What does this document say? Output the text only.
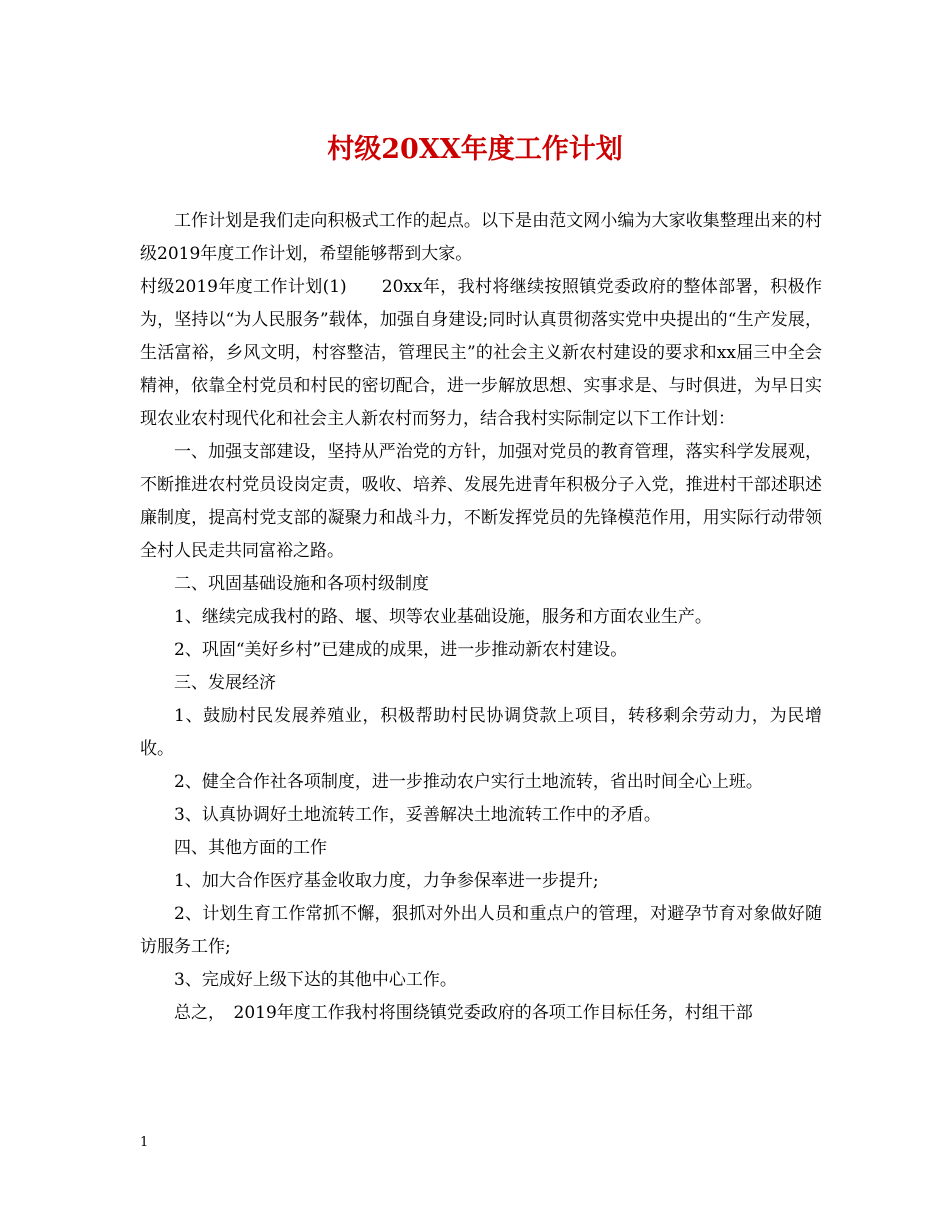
村级20XX年度工作计划

工作计划是我们走向积极式工作的起点。以下是由范文网小编为大家收集整理出来的村级2019年度工作计划，希望能够帮到大家。

村级2019年度工作计划(1)　　20xx年，我村将继续按照镇党委政府的整体部署，积极作为，坚持以“为人民服务”载体，加强自身建设;同时认真贯彻落实党中央提出的“生产发展，生活富裕，乡风文明，村容整洁，管理民主”的社会主义新农村建设的要求和xx届三中全会精神，依靠全村党员和村民的密切配合，进一步解放思想、实事求是、与时俱进，为早日实现农业农村现代化和社会主人新农村而努力，结合我村实际制定以下工作计划：

一、加强支部建设，坚持从严治党的方针，加强对党员的教育管理，落实科学发展观，不断推进农村党员设岗定责，吸收、培养、发展先进青年积极分子入党，推进村干部述职述廉制度，提高村党支部的凝聚力和战斗力，不断发挥党员的先锋模范作用，用实际行动带领全村人民走共同富裕之路。

二、巩固基础设施和各项村级制度

1、继续完成我村的路、堰、坝等农业基础设施，服务和方面农业生产。

2、巩固“美好乡村”已建成的成果，进一步推动新农村建设。

三、发展经济

1、鼓励村民发展养殖业，积极帮助村民协调贷款上项目，转移剩余劳动力，为民增收。

2、健全合作社各项制度，进一步推动农户实行土地流转，省出时间全心上班。

3、认真协调好土地流转工作，妥善解决土地流转工作中的矛盾。

四、其他方面的工作

1、加大合作医疗基金收取力度，力争参保率进一步提升;

2、计划生育工作常抓不懈，狠抓对外出人员和重点户的管理，对避孕节育对象做好随访服务工作;

3、完成好上级下达的其他中心工作。

总之，　2019年度工作我村将围绕镇党委政府的各项工作目标任务，村组干部

1
